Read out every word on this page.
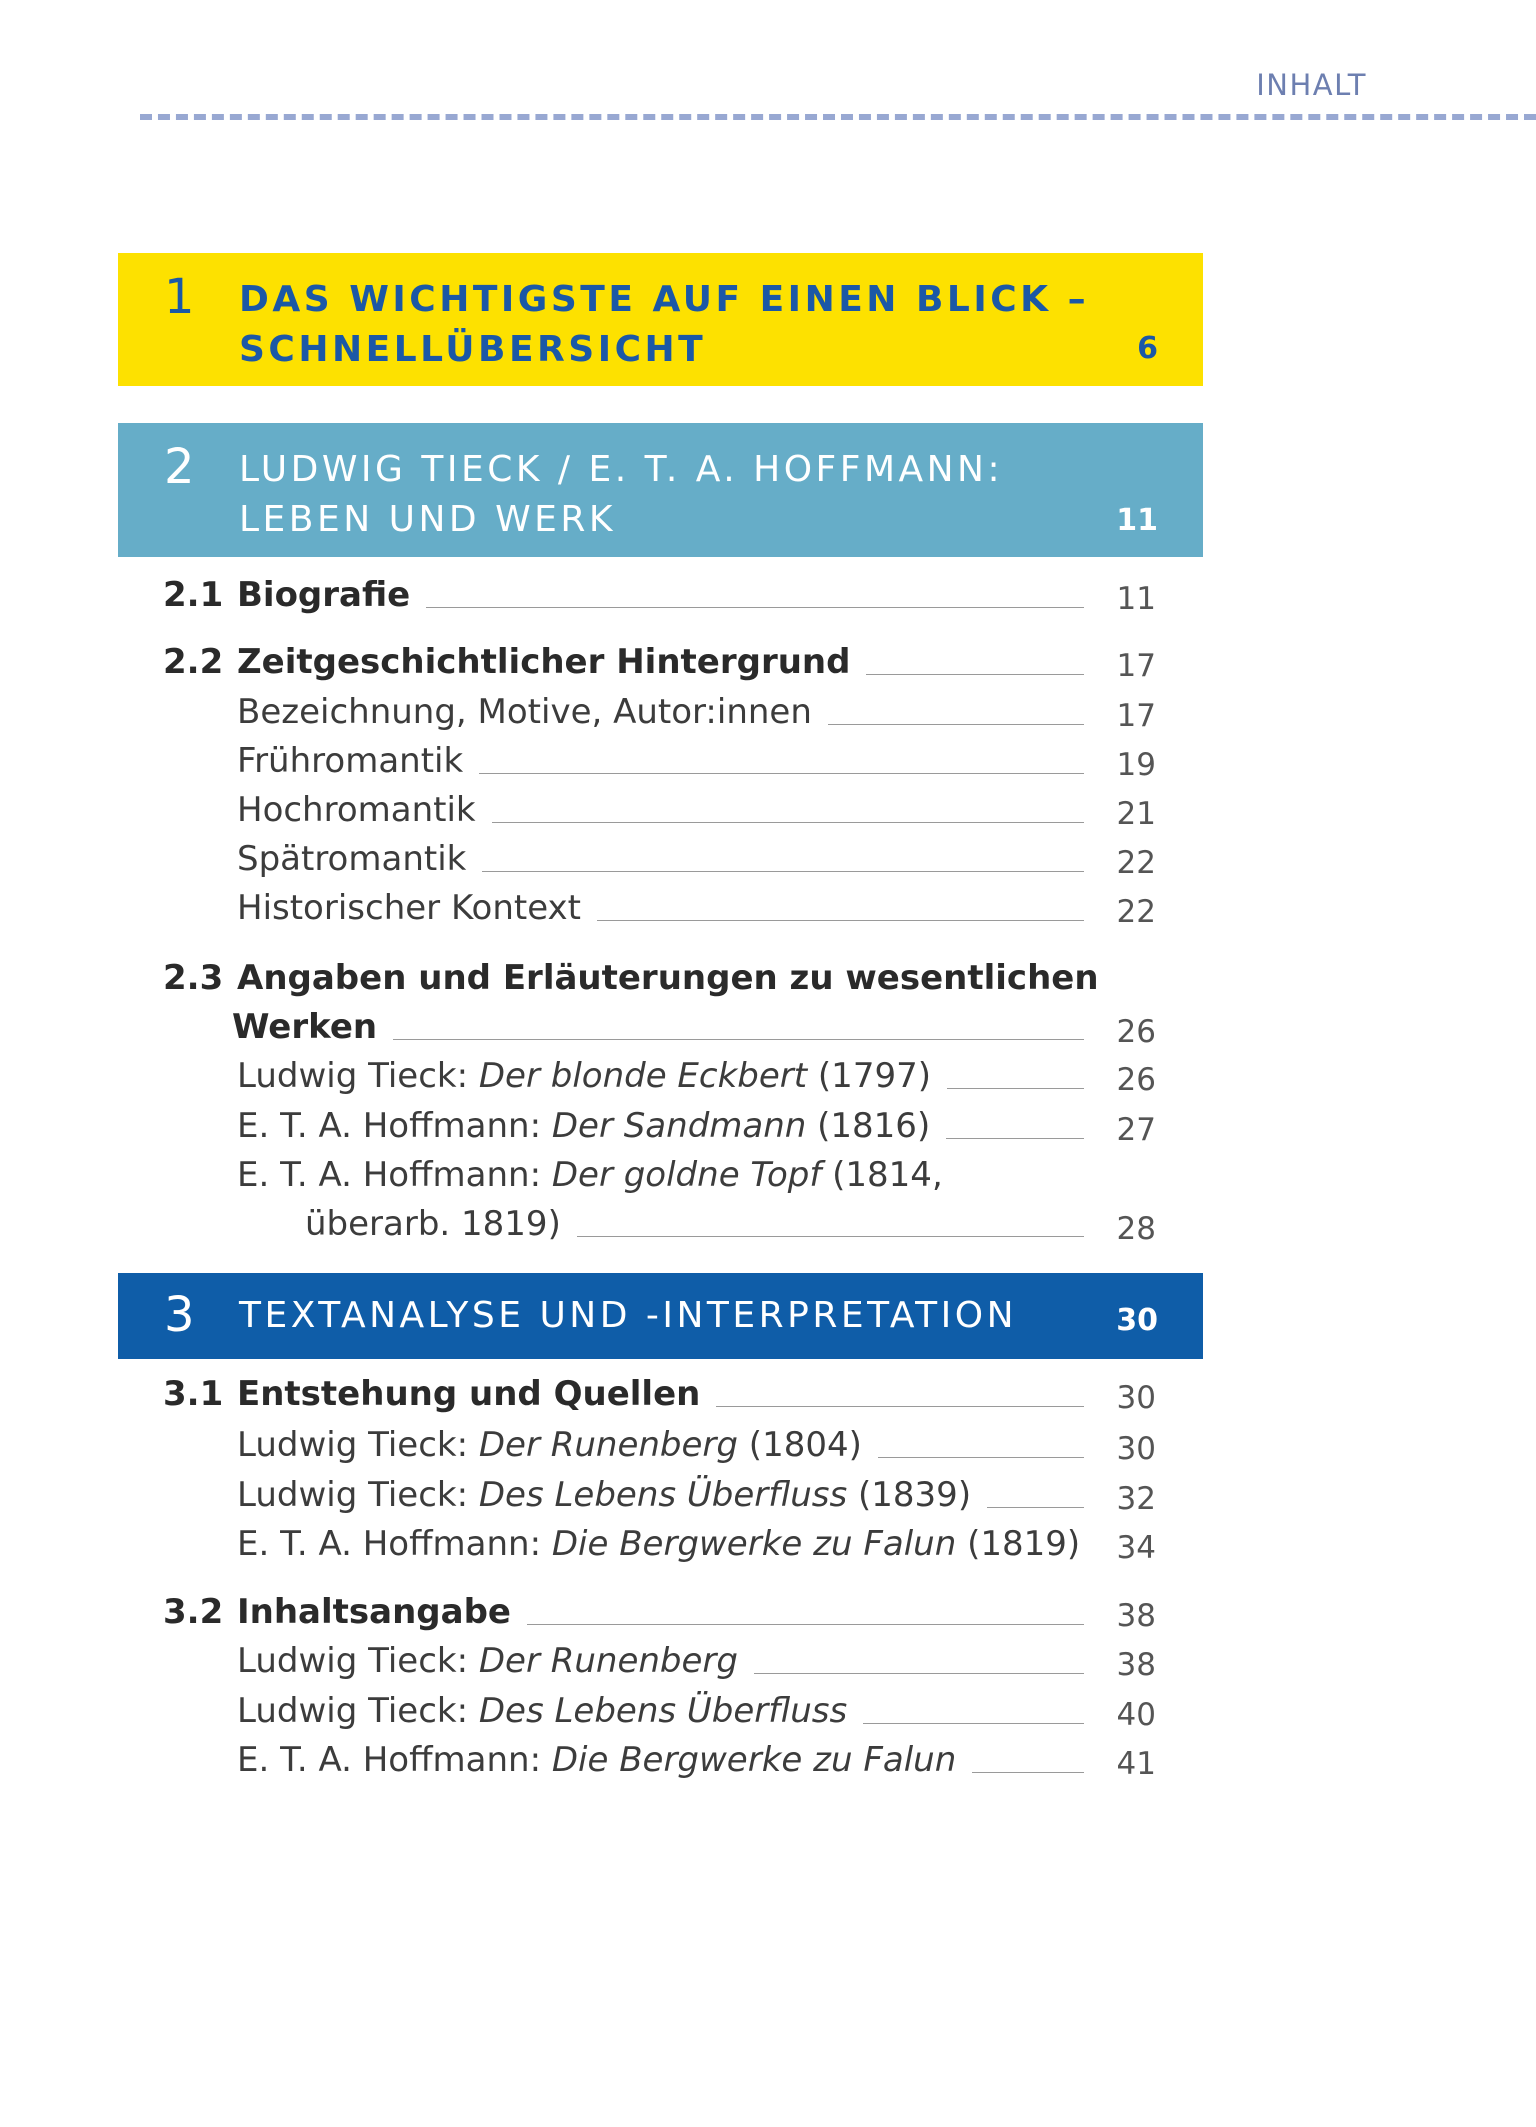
INHALT
1 DAS WICHTIGSTE AUF EINEN BLICK –
SCHNELLÜBERSICHT	6
2 LUDWIG TIECK / E. T. A. HOFFMANN:
LEBEN UND WERK	11
2.1 Biografie	11
2.2 Zeitgeschichtlicher Hintergrund	17
Bezeichnung, Motive, Autor:innen	17
Frühromantik	19
Hochromantik	21
Spätromantik	22
Historischer Kontext	22
2.3 Angaben und Erläuterungen zu wesentlichen
Werken	26
Ludwig Tieck: Der blonde Eckbert (1797)	26
E. T. A. Hoffmann: Der Sandmann (1816)	27
E. T. A. Hoffmann: Der goldne Topf (1814,
überarb. 1819)	28
3 TEXTANALYSE UND -INTERPRETATION	30
3.1 Entstehung und Quellen	30
Ludwig Tieck: Der Runenberg (1804)	30
Ludwig Tieck: Des Lebens Überfluss (1839)	32
E. T. A. Hoffmann: Die Bergwerke zu Falun (1819)	34
3.2 Inhaltsangabe	38
Ludwig Tieck: Der Runenberg	38
Ludwig Tieck: Des Lebens Überfluss	40
E. T. A. Hoffmann: Die Bergwerke zu Falun	41
